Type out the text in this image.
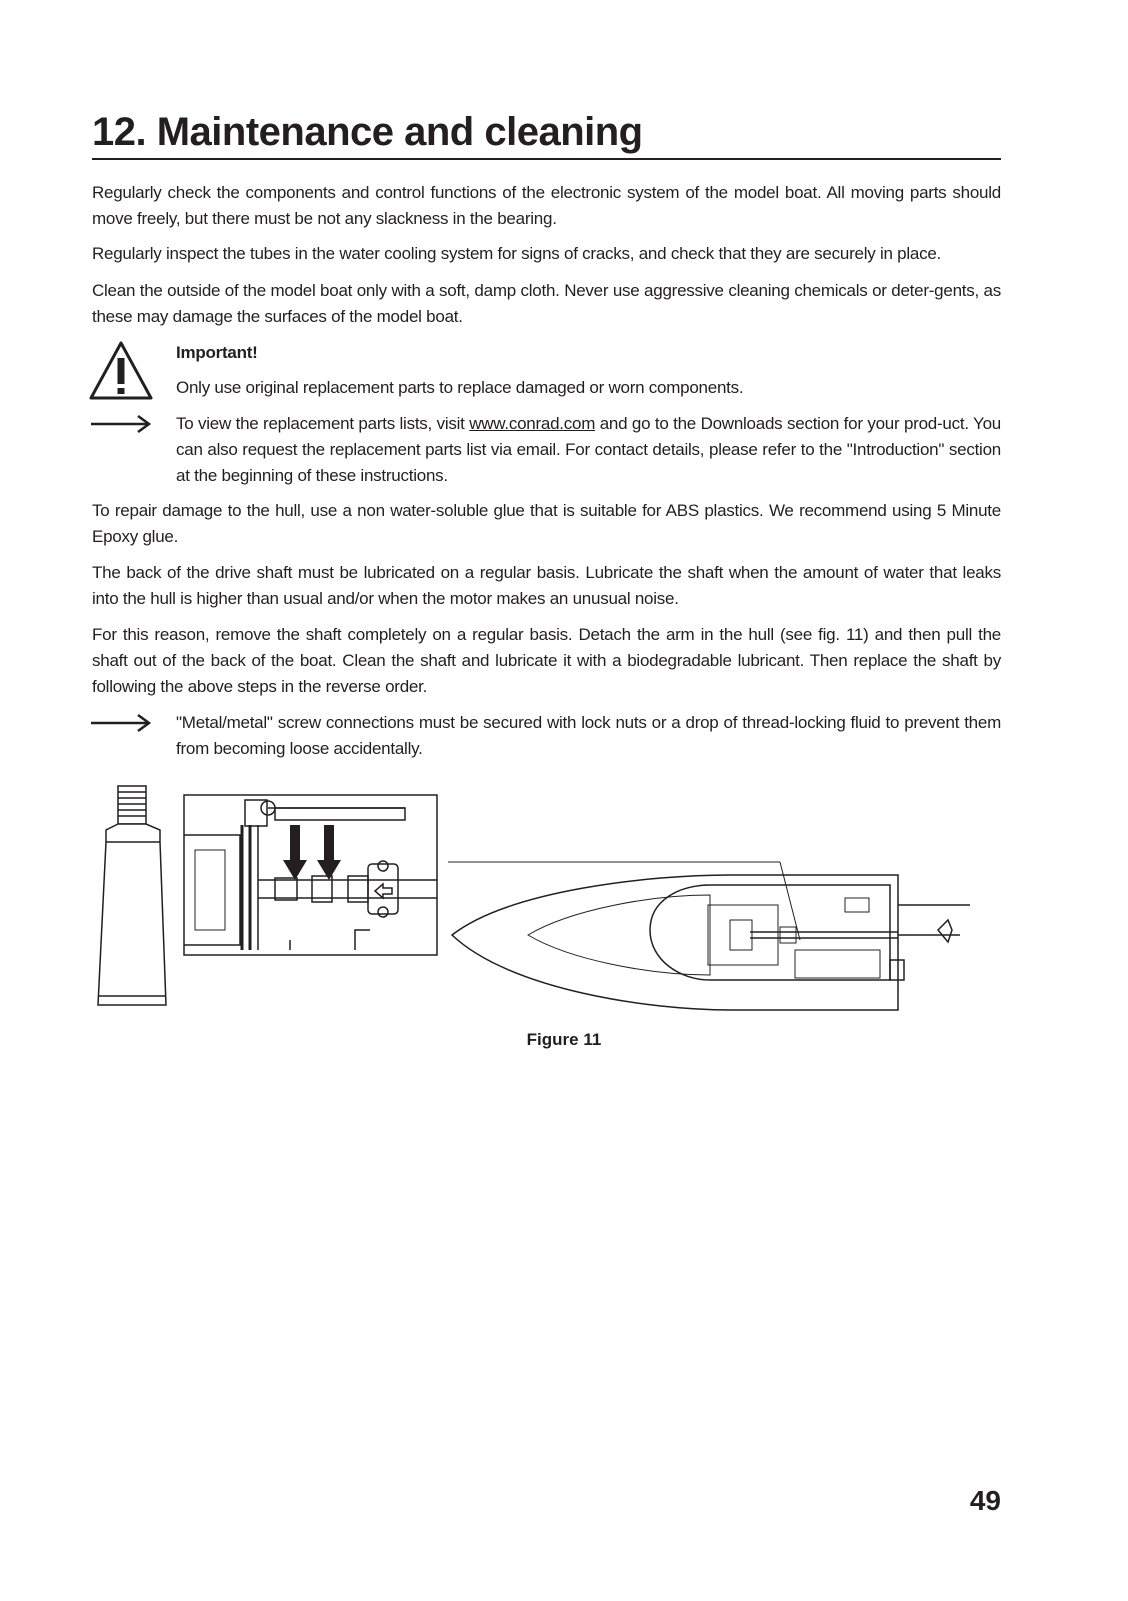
12. Maintenance and cleaning

Regularly check the components and control functions of the electronic system of the model boat. All moving parts should move freely, but there must be not any slackness in the bearing.

Regularly inspect the tubes in the water cooling system for signs of cracks, and check that they are securely in place.

Clean the outside of the model boat only with a soft, damp cloth. Never use aggressive cleaning chemicals or deter-gents, as these may damage the surfaces of the model boat.

Important!

Only use original replacement parts to replace damaged or worn components.

To view the replacement parts lists, visit www.conrad.com and go to the Downloads section for your prod-uct. You can also request the replacement parts list via email. For contact details, please refer to the "Introduction" section at the beginning of these instructions.

To repair damage to the hull, use a non water-soluble glue that is suitable for ABS plastics. We recommend using 5 Minute Epoxy glue.

The back of the drive shaft must be lubricated on a regular basis. Lubricate the shaft when the amount of water that leaks into the hull is higher than usual and/or when the motor makes an unusual noise.

For this reason, remove the shaft completely on a regular basis. Detach the arm in the hull (see fig. 11) and then pull the shaft out of the back of the boat. Clean the shaft and lubricate it with a biodegradable lubricant. Then replace the shaft by following the above steps in the reverse order.

"Metal/metal" screw connections must be secured with lock nuts or a drop of thread-locking fluid to prevent them from becoming loose accidentally.

Figure 11
49
